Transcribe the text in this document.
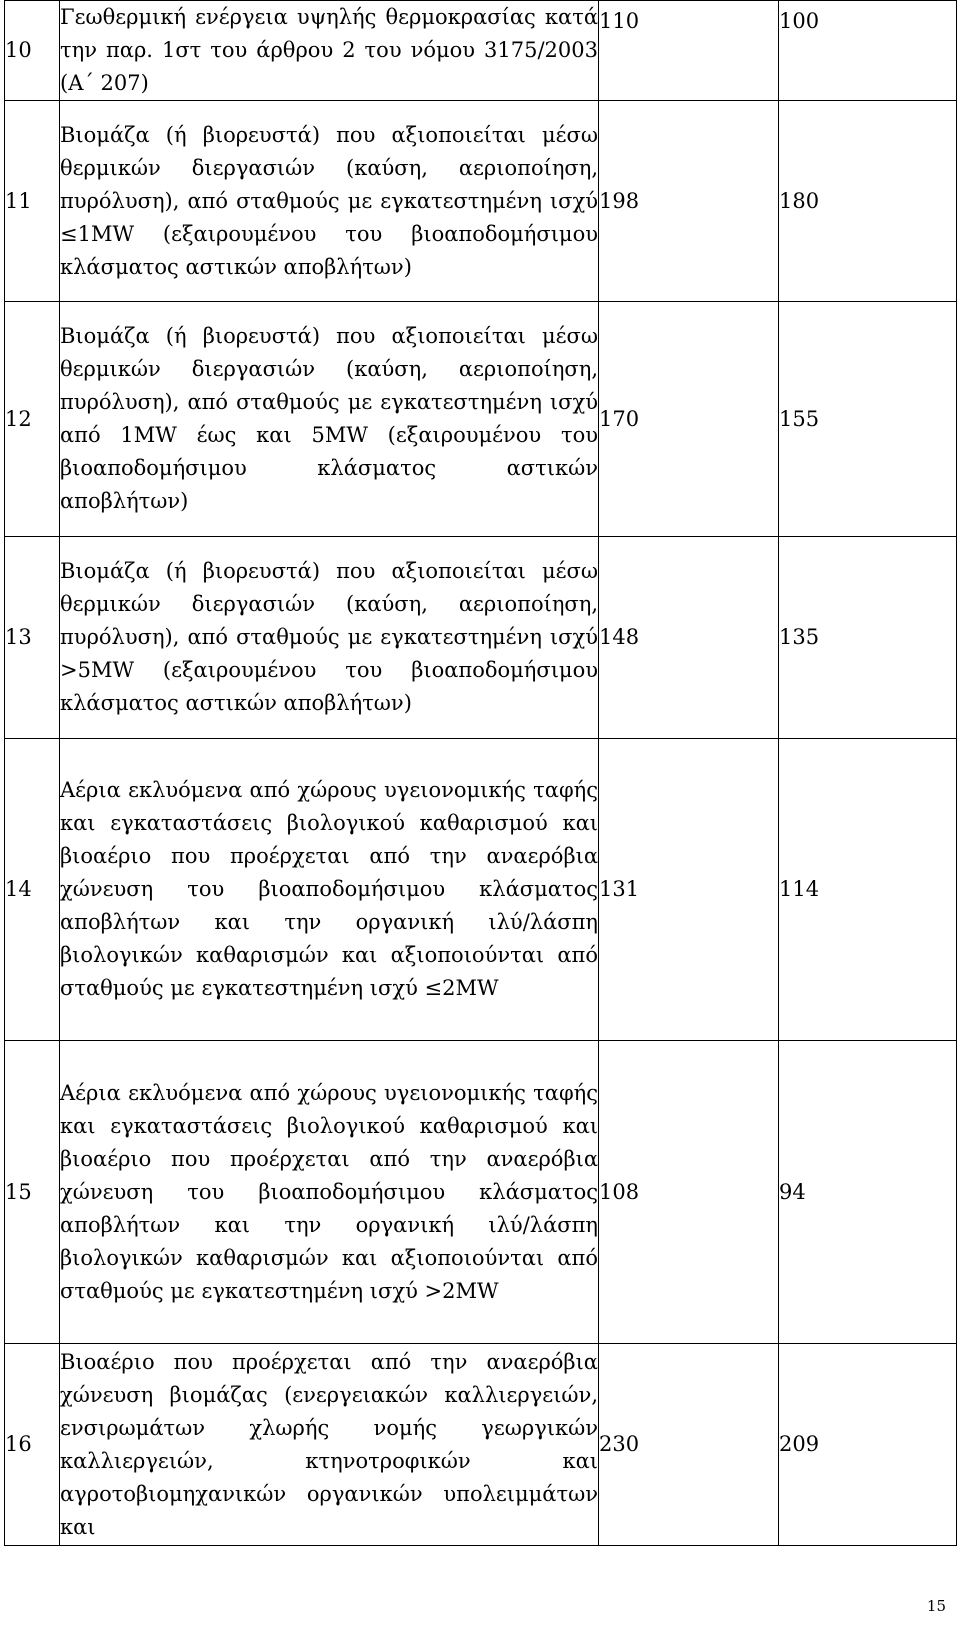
10	Γεωθερμική ενέργεια υψηλής θερμοκρασίας κατά την παρ. 1στ του άρθρου 2 του νόμου 3175/2003 (Α΄ 207)	110	100
11	Βιομάζα (ή βιορευστά) που αξιοποιείται μέσω θερμικών διεργασιών (καύση, αεριοποίηση, πυρόλυση), από σταθμούς με εγκατεστημένη ισχύ ≤1MW (εξαιρουμένου του βιοαποδομήσιμου κλάσματος αστικών αποβλήτων)	198	180
12	Βιομάζα (ή βιορευστά) που αξιοποιείται μέσω θερμικών διεργασιών (καύση, αεριοποίηση, πυρόλυση), από σταθμούς με εγκατεστημένη ισχύ από 1MW έως και 5MW (εξαιρουμένου του βιοαποδομήσιμου κλάσματος αστικών αποβλήτων)	170	155
13	Βιομάζα (ή βιορευστά) που αξιοποιείται μέσω θερμικών διεργασιών (καύση, αεριοποίηση, πυρόλυση), από σταθμούς με εγκατεστημένη ισχύ >5MW (εξαιρουμένου του βιοαποδομήσιμου κλάσματος αστικών αποβλήτων)	148	135
14	Αέρια εκλυόμενα από χώρους υγειονομικής ταφής και εγκαταστάσεις βιολογικού καθαρισμού και βιοαέριο που προέρχεται από την αναερόβια χώνευση του βιοαποδομήσιμου κλάσματος αποβλήτων και την οργανική ιλύ/λάσπη βιολογικών καθαρισμών και αξιοποιούνται από σταθμούς με εγκατεστημένη ισχύ ≤2MW	131	114
15	Αέρια εκλυόμενα από χώρους υγειονομικής ταφής και εγκαταστάσεις βιολογικού καθαρισμού και βιοαέριο που προέρχεται από την αναερόβια χώνευση του βιοαποδομήσιμου κλάσματος αποβλήτων και την οργανική ιλύ/λάσπη βιολογικών καθαρισμών και αξιοποιούνται από σταθμούς με εγκατεστημένη ισχύ >2MW	108	94
16	Βιοαέριο που προέρχεται από την αναερόβια χώνευση βιομάζας (ενεργειακών καλλιεργειών, ενσιρωμάτων χλωρής νομής γεωργικών καλλιεργειών, κτηνοτροφικών και αγροτοβιομηχανικών οργανικών υπολειμμάτων και	230	209
15
